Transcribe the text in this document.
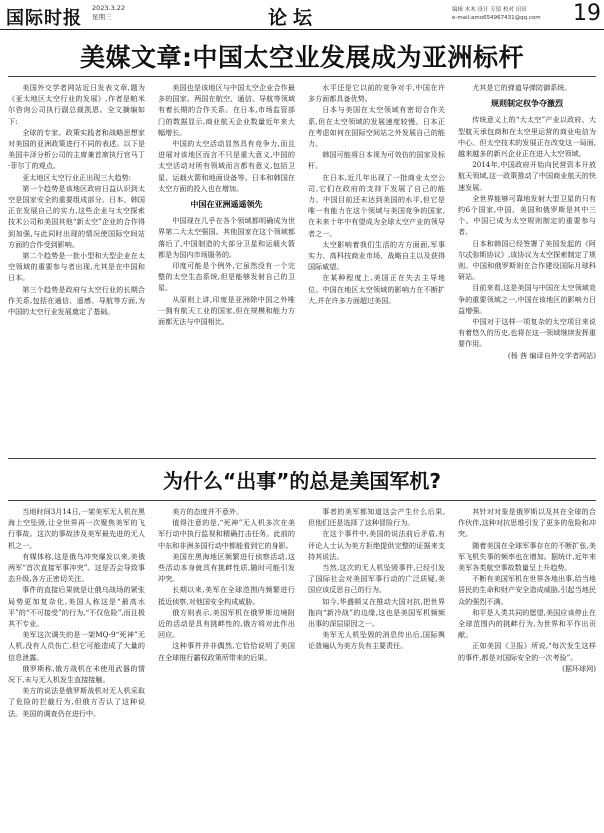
国际时报 2023.3.22
星期三	论坛	编辑 木木 设计 专留 校对 田田
e-mail:amo654967431@qq.com 19
美媒文章:中国太空业发展成为亚洲标杆

美国外交学者网站近日发表文章,题为《亚太地区太空行业的发展》,作者是帕米尔咨询公司执行副总裁凯恩。全文摘编如下:

全球的专家、政策实践者和战略思想家对美国的亚洲政策进行不同的表述。以下是美国丰泽分析公司的主席兼首席执行官马丁·菲尔丁的观点。

亚太地区太空行业正出现三大趋势:

第一个趋势是该地区政府日益认识到太空是国家安全的重要组成部分。日本、韩国正在发展自己的实力,这些企业与太空探索技术公司和美国其他“新太空”企业的合作得到加强,与此同时出现的情况使国际空间站方面的合作受到影响。

第二个趋势是一批小型和大型企业在太空领域的重要参与者出现,尤其是在中国和日本。

第三个趋势是政府与太空行业的长期合作关系,包括在通信、遥感、导航等方面,为中国的太空行业发展奠定了基础。

美国也是该地区与中国太空企业合作最多的国家。两国在航空、通信、导航等领域有着长期的合作关系。在日本,市场监管部门的数据显示,商业航天企业数量近年来大幅增长。

中国的太空活动显然具有竞争力,而且进展对该地区而言不只是重大意义,中国的太空活动对所有领域而言都有意义,包括卫星、运载火箭和地面设备等。日本和韩国在太空方面的投入也在增加。

中国在亚洲遥遥领先

中国现在几乎在各个领域都明确成为世界第二大太空强国。其他国家在这个领域都落后了,中国制造的大部分卫星和运载火箭都是为国内市场服务的。

印度可能是个例外,它虽然没有一个完整的太空生态系统,但是能够发射自己的卫星。

从原则上讲,印度是亚洲除中国之外唯一拥有航天工业的国家,但在规模和能力方面都无法与中国相比。

水平还是它以前的竞争对手,中国在许多方面都具备优势。

日本与美国在太空领域有密切合作关系,但在太空领域的发展速度较慢。日本正在考虑如何在国际空间站之外发展自己的能力。

韩国可能将日本视为可效仿的国家及标杆。

在日本,近几年出现了一批商业太空公司,它们在政府的支持下发展了自己的能力。中国目前还未达到美国的水平,但它是唯一有能力在这个领域与美国竞争的国家,在未来十年中有望成为全球太空产业的领导者之一。

太空影响着我们生活的方方面面,军事实力、高科技商业市场、战略自主以及获得国际威望。

在某种程度上,美国正在失去主导地位。中国在地区太空领域的影响力在不断扩大,并在许多方面超过美国。

尤其是它的弹道导弹防御系统。

规则制定权争夺激烈

传统意义上的“大太空”产业以政府、大型航天承包商和在太空里运营的商业电信为中心。但太空技术的发展正在改变这一局面,越来越多的新兴企业正在进入太空领域。

2014年,中国政府开始向民营资本开放航天领域,这一政策推动了中国商业航天的快速发展。

全世界能够可靠地发射大型卫星的只有约6个国家,中国、美国和俄罗斯是其中三个。中国已成为太空规则制定的重要参与者。

日本和韩国已经签署了美国发起的《阿尔忒弥斯协议》,该协议为太空探索制定了规则。中国和俄罗斯则在合作建设国际月球科研站。

目前来看,这是美国与中国在太空领域竞争的重要领域之一,中国在该地区的影响力日益增强。

中国对于这样一项复杂的太空项目来说有着悠久的历史,也将在这一领域继续发挥重要作用。

(杨 茜 编译自外交学者网站)

为什么“出事”的总是美国军机?

当地时间3月14日,一架美军无人机在黑海上空坠毁,让全世界再一次聚焦美军的飞行事故。这次的事故涉及美军最先进的无人机之一。

有媒体称,这是俄乌冲突爆发以来,美俄两军“首次直接军事冲突”。这是否会导致事态升级,各方正密切关注。

事件的直接后果就是让俄乌战场的紧张局势更加复杂化,美国人称这是“最高水平”的“不可接受”的行为,“不仅危险”,而且极其不专业。

美军这次调失的是一架MQ-9“死神”无人机,没有人员伤亡,但它可能造成了大量的信息泄露。

俄罗斯称,俄方战机在未使用武器的情况下,未与无人机发生直接接触。

美方的说法是俄罗斯战机对无人机采取了危险的拦截行为,但俄方否认了这种说法。美国的调查仍在进行中。

美方的态度并不意外。

值得注意的是,“死神”无人机多次在美军行动中执行监视和精确打击任务。此前的中东和非洲多国行动中都能看到它的身影。

美国在黑海地区频繁进行侦察活动,这些活动本身就具有挑衅性质,随时可能引发冲突。

长期以来,美军在全球范围内频繁进行抵近侦察,对他国安全构成威胁。

俄方则表示,美国军机在俄罗斯边境附近的活动是具有挑衅性的,俄方将对此作出回应。

这种事件并非偶然,它恰恰说明了美国在全球推行霸权政策所带来的后果。

事者的美军都知道这会产生什么后果,但他们还是选择了这种冒险行为。

在这个事件中,美国的说法前后矛盾,有评论人士认为美方拒绝提供完整的证据来支持其说法。

当然,这次的无人机坠毁事件,已经引发了国际社会对美国军事行动的广泛质疑,美国应该反思自己的行为。

如今,华盛顿又在推动大国对抗,把世界拖向“新冷战”的边缘,这也是美国军机频频出事的深层原因之一。

美军无人机坠毁的消息传出后,国际舆论普遍认为美方负有主要责任。

其针对对象是俄罗斯以及其在全球的合作伙伴,这种对抗思维引发了更多的危险和冲突。

随着美国在全球军事存在的不断扩张,美军飞机失事的频率也在增加。据统计,近年来美军各类航空事故数量呈上升趋势。

不断有美国军机在世界各地出事,给当地居民的生命和财产安全造成威胁,引起当地民众的强烈不满。

和平是人类共同的愿望,美国应该停止在全球范围内的挑衅行为,为世界和平作出贡献。

正如美国《卫报》所说,“每次发生这样的事件,都是对国际安全的一次考验”。

(据环球网)
